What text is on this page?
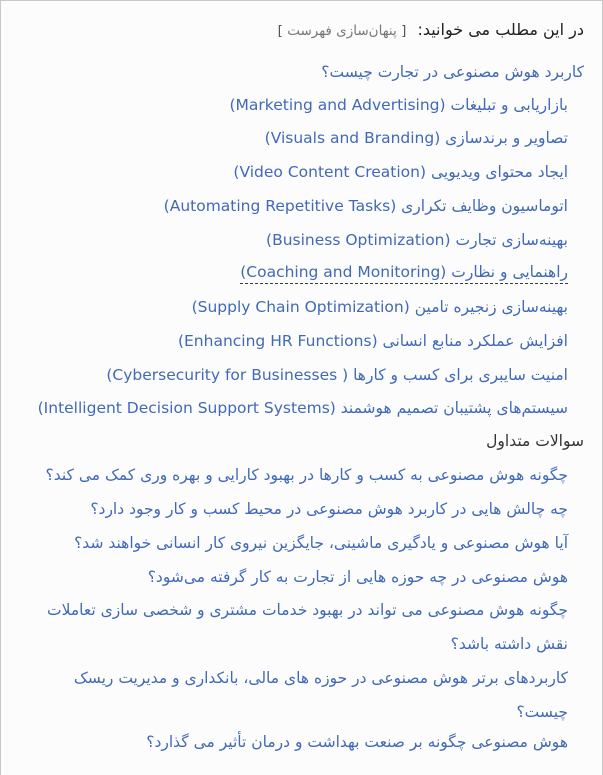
در این مطلب می خوانید: [ پنهان‌سازی فهرست ]
کاربرد هوش مصنوعی در تجارت چیست؟
بازاریابی و تبلیغات (Marketing and Advertising)
تصاویر و برندسازی (Visuals and Branding)
ایجاد محتوای ویدیویی (Video Content Creation)
اتوماسیون وظایف تکراری (Automating Repetitive Tasks)
بهینه‌سازی تجارت (Business Optimization)
راهنمایی و نظارت (Coaching and Monitoring)
بهینه‌سازی زنجیره تامین (Supply Chain Optimization)
افزایش عملکرد منابع انسانی (Enhancing HR Functions)
امنیت سایبری برای کسب و کارها ( Cybersecurity for Businesses)
سیستم‌های پشتیبان تصمیم هوشمند (Intelligent Decision Support Systems)
سوالات متداول
چگونه هوش مصنوعی به کسب و کارها در بهبود کارایی و بهره وری کمک می کند؟
چه چالش هایی در کاربرد هوش مصنوعی در محیط کسب و کار وجود دارد؟
آیا هوش مصنوعی و یادگیری ماشینی، جایگزین نیروی کار انسانی خواهند شد؟
هوش مصنوعی در چه حوزه هایی از تجارت به کار گرفته می‌شود؟
چگونه هوش مصنوعی می تواند در بهبود خدمات مشتری و شخصی سازی تعاملات نقش داشته باشد؟
کاربردهای برتر هوش مصنوعی در حوزه های مالی، بانکداری و مدیریت ریسک چیست؟
هوش مصنوعی چگونه بر صنعت بهداشت و درمان تأثیر می گذارد؟
